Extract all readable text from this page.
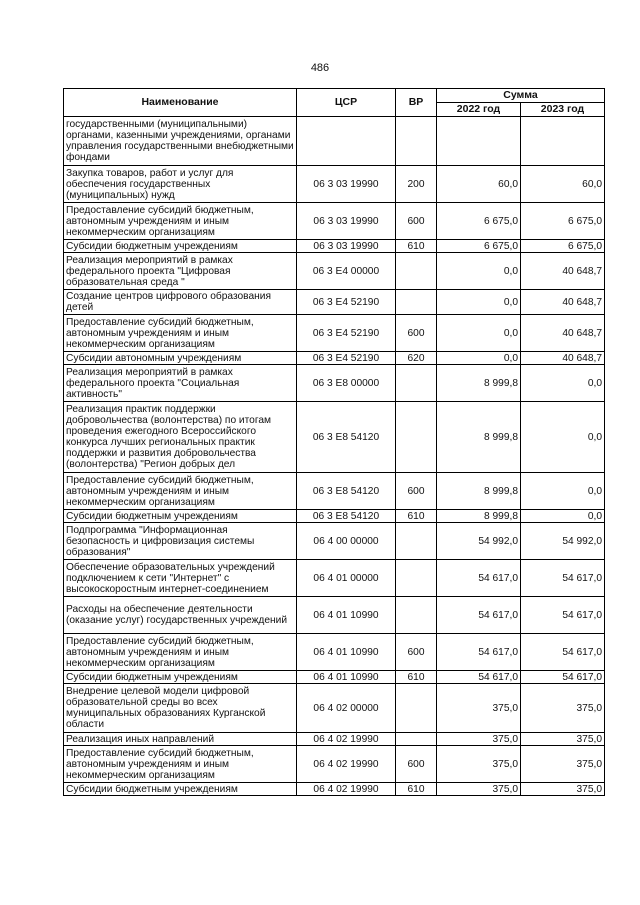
486
Наименование	ЦСР	ВР	Сумма	
			2022 год	2023 год
государственными (муниципальными) органами, казенными учреждениями, органами управления государственными внебюджетными фондами				
Закупка товаров, работ и услуг для обеспечения государственных (муниципальных) нужд	06 3 03 19990	200	60,0	60,0
Предоставление субсидий бюджетным, автономным учреждениям и иным некоммерческим организациям	06 3 03 19990	600	6 675,0	6 675,0
Субсидии бюджетным учреждениям	06 3 03 19990	610	6 675,0	6 675,0
Реализация мероприятий в рамках федерального проекта "Цифровая образовательная среда "	06 3 E4 00000		0,0	40 648,7
Создание центров цифрового образования детей	06 3 E4 52190		0,0	40 648,7
Предоставление субсидий бюджетным, автономным учреждениям и иным некоммерческим организациям	06 3 E4 52190	600	0,0	40 648,7
Субсидии автономным учреждениям	06 3 E4 52190	620	0,0	40 648,7
Реализация мероприятий в рамках федерального проекта "Социальная активность"	06 3 E8 00000		8 999,8	0,0
Реализация практик поддержки добровольчества (волонтерства) по итогам проведения ежегодного Всероссийского конкурса лучших региональных практик поддержки и развития добровольчества (волонтерства) "Регион добрых дел	06 3 E8 54120		8 999,8	0,0
Предоставление субсидий бюджетным, автономным учреждениям и иным некоммерческим организациям	06 3 E8 54120	600	8 999,8	0,0
Субсидии бюджетным учреждениям	06 3 E8 54120	610	8 999,8	0,0
Подпрограмма "Информационная безопасность и цифровизация системы образования"	06 4 00 00000		54 992,0	54 992,0
Обеспечение образовательных учреждений подключением к сети "Интернет" с высокоскоростным интернет-соединением	06 4 01 00000		54 617,0	54 617,0
Расходы на обеспечение деятельности (оказание услуг) государственных учреждений	06 4 01 10990		54 617,0	54 617,0
Предоставление субсидий бюджетным, автономным учреждениям и иным некоммерческим организациям	06 4 01 10990	600	54 617,0	54 617,0
Субсидии бюджетным учреждениям	06 4 01 10990	610	54 617,0	54 617,0
Внедрение целевой модели цифровой образовательной среды во всех муниципальных образованиях Курганской области	06 4 02 00000		375,0	375,0
Реализация иных направлений	06 4 02 19990		375,0	375,0
Предоставление субсидий бюджетным, автономным учреждениям и иным некоммерческим организациям	06 4 02 19990	600	375,0	375,0
Субсидии бюджетным учреждениям	06 4 02 19990	610	375,0	375,0
